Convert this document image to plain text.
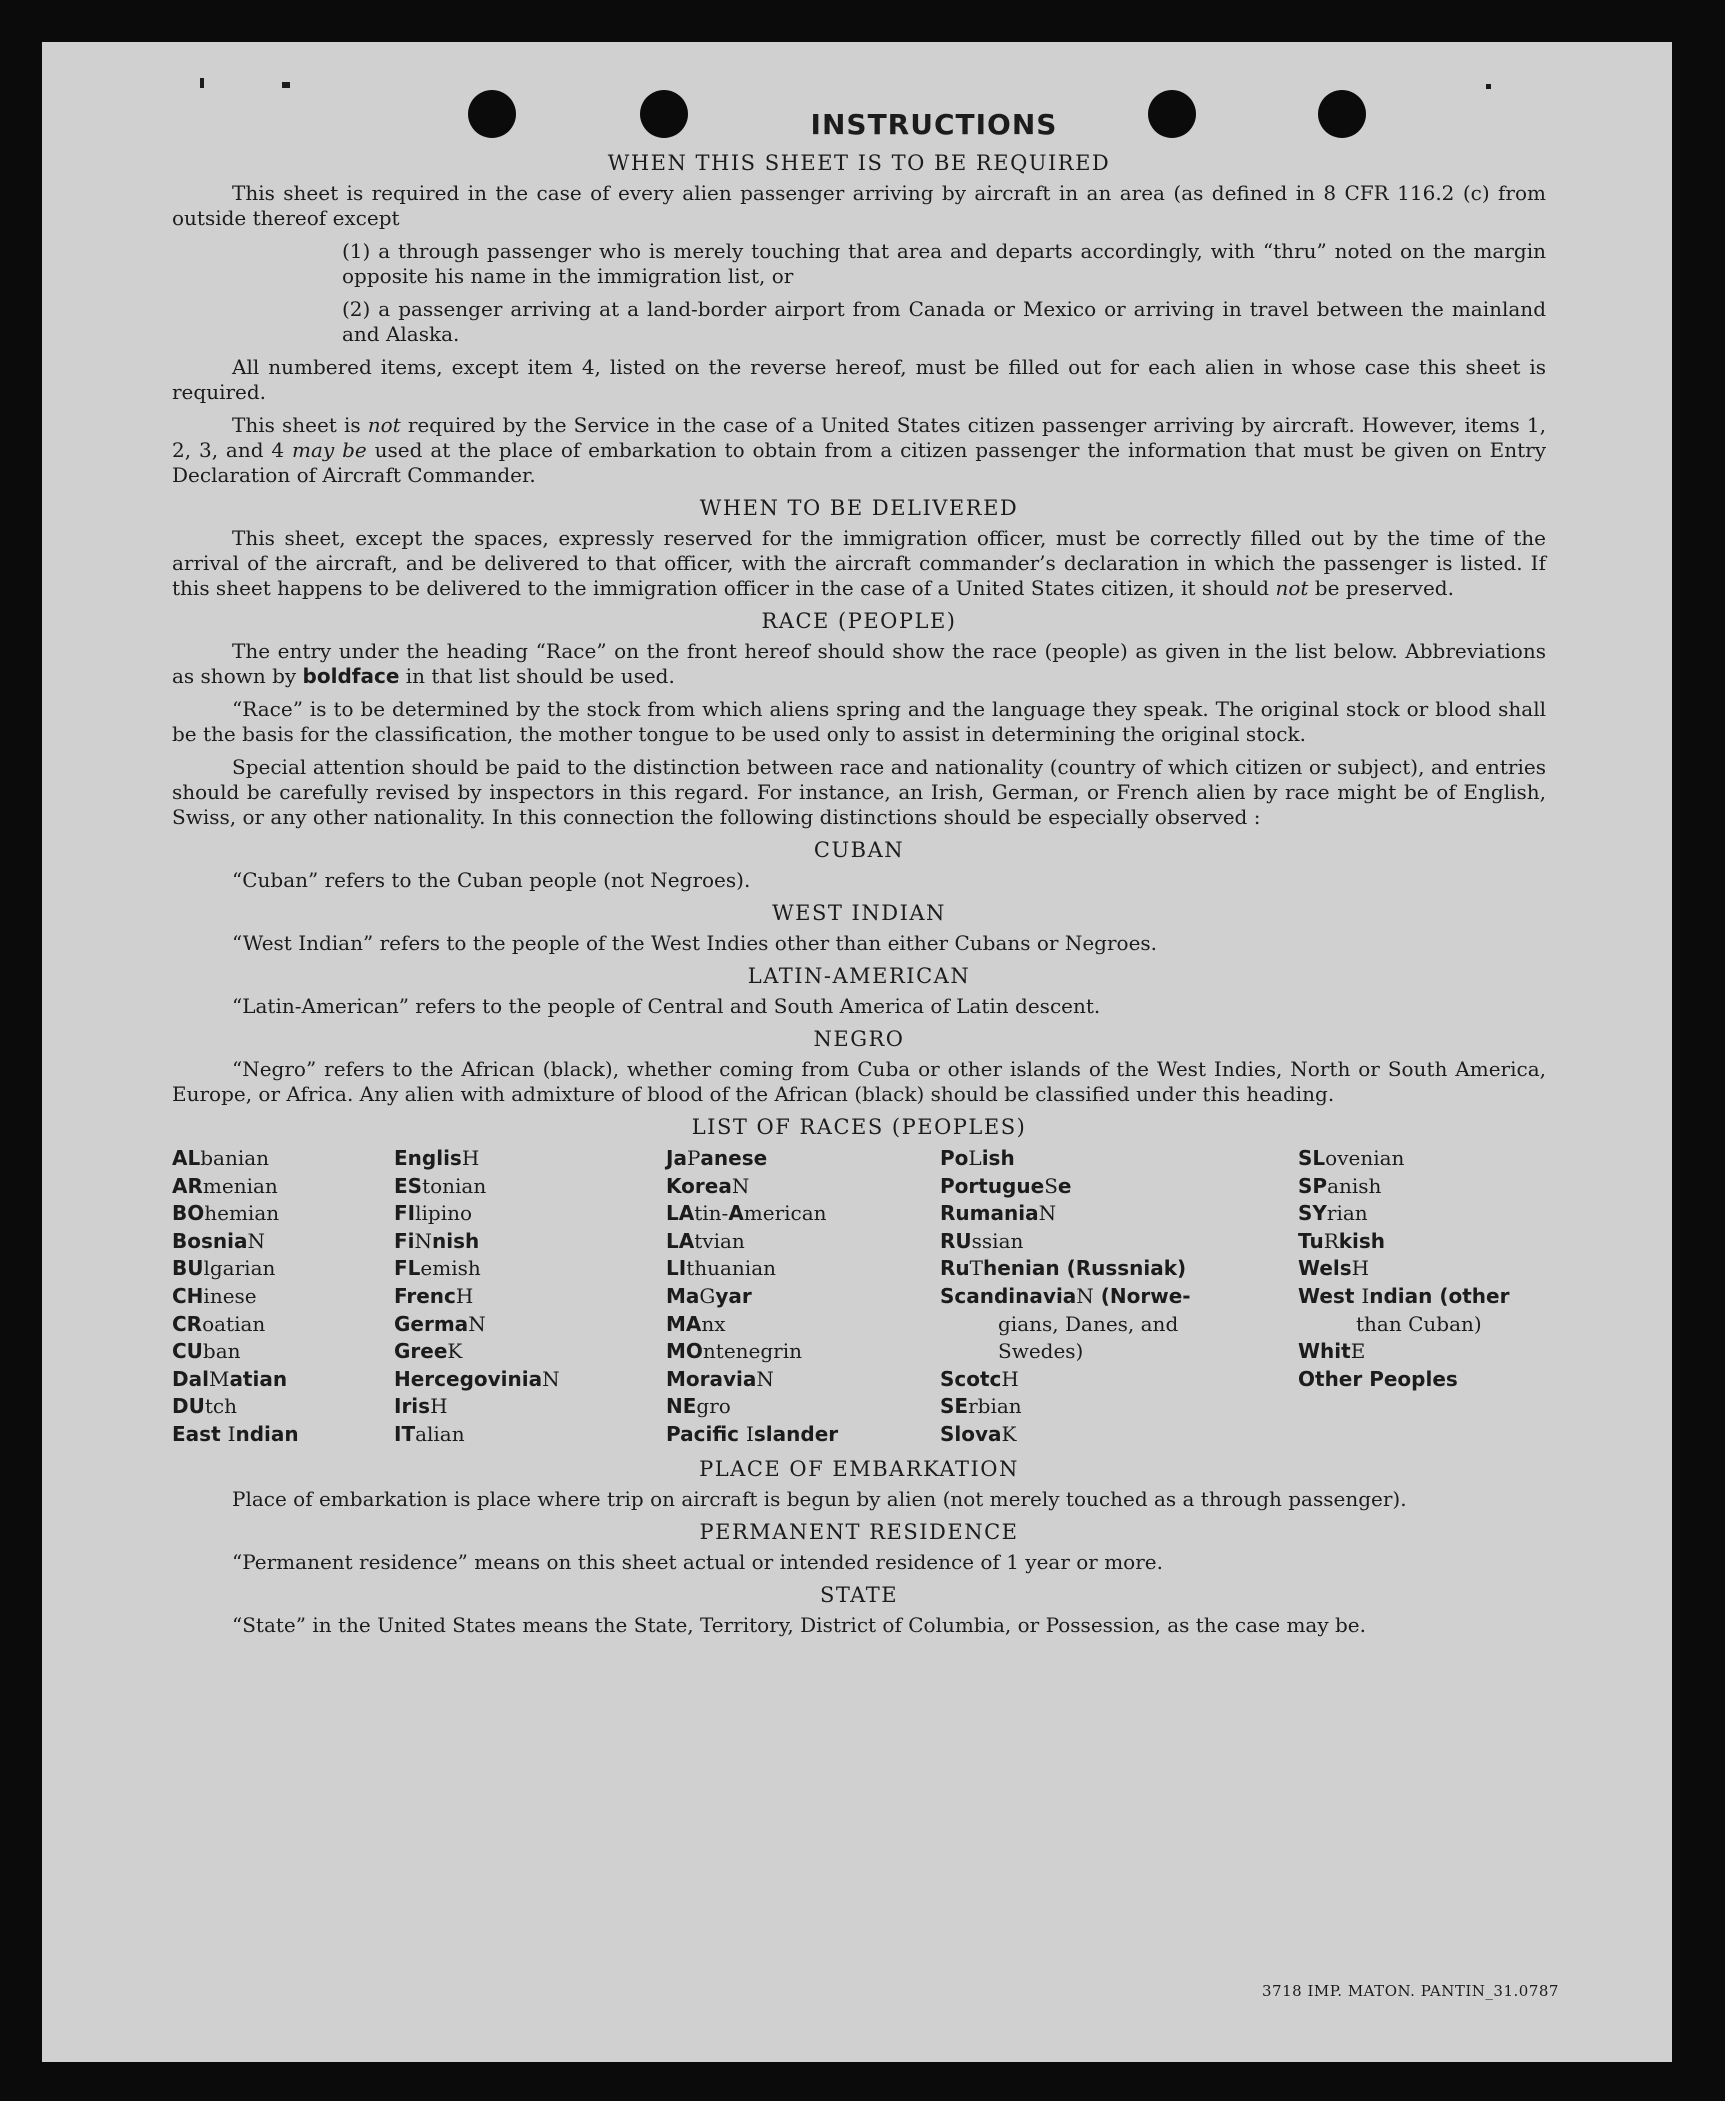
INSTRUCTIONS
WHEN THIS SHEET IS TO BE REQUIRED

This sheet is required in the case of every alien passenger arriving by aircraft in an area (as defined in 8 CFR 116.2 (c) from outside thereof except

(1) a through passenger who is merely touching that area and departs accordingly, with “thru” noted on the margin opposite his name in the immigration list, or
(2) a passenger arriving at a land-border airport from Canada or Mexico or arriving in travel between the mainland and Alaska.

All numbered items, except item 4, listed on the reverse hereof, must be filled out for each alien in whose case this sheet is required.

This sheet is not required by the Service in the case of a United States citizen passenger arriving by aircraft. However, items 1, 2, 3, and 4 may be used at the place of embarkation to obtain from a citizen passenger the information that must be given on Entry Declaration of Aircraft Commander.

WHEN TO BE DELIVERED

This sheet, except the spaces, expressly reserved for the immigration officer, must be correctly filled out by the time of the arrival of the aircraft, and be delivered to that officer, with the aircraft commander’s declaration in which the passenger is listed. If this sheet happens to be delivered to the immigration officer in the case of a United States citizen, it should not be preserved.

RACE (PEOPLE)

The entry under the heading “Race” on the front hereof should show the race (people) as given in the list below. Abbreviations as shown by boldface in that list should be used.

“Race” is to be determined by the stock from which aliens spring and the language they speak. The original stock or blood shall be the basis for the classification, the mother tongue to be used only to assist in determining the original stock.

Special attention should be paid to the distinction between race and nationality (country of which citizen or subject), and entries should be carefully revised by inspectors in this regard. For instance, an Irish, German, or French alien by race might be of English, Swiss, or any other nationality. In this connection the following distinctions should be especially observed :

CUBAN

“Cuban” refers to the Cuban people (not Negroes).

WEST INDIAN

“West Indian” refers to the people of the West Indies other than either Cubans or Negroes.

LATIN-AMERICAN

“Latin-American” refers to the people of Central and South America of Latin descent.

NEGRO

“Negro” refers to the African (black), whether coming from Cuba or other islands of the West Indies, North or South America, Europe, or Africa. Any alien with admixture of blood of the African (black) should be classified under this heading.

LIST OF RACES (PEOPLES)
ALbanian
ARmenian
BOhemian
BosniaN
BUlgarian
CHinese
CRoatian
CUban
DalMatian
DUtch
East Indian
EnglisH
EStonian
FIlipino
FiNnish
FLemish
FrencH
GermaN
GreeK
HercegoviniaN
IrisH
ITalian
JaPanese
KoreaN
LAtin-American
LAtvian
LIthuanian
MaGyar
MAnx
MOntenegrin
MoraviaN
NEgro
Pacific Islander
PoLish
PortugueSe
RumaniaN
RUssian
RuThenian (Russniak)
ScandinaviaN (Norwe-
gians, Danes, and
Swedes)
ScotcH
SErbian
SlovaK
SLovenian
SPanish
SYrian
TuRkish
WelsH
West Indian (other
than Cuban)
WhitE
Other Peoples
PLACE OF EMBARKATION

Place of embarkation is place where trip on aircraft is begun by alien (not merely touched as a through passenger).

PERMANENT RESIDENCE

“Permanent residence” means on this sheet actual or intended residence of 1 year or more.

STATE

“State” in the United States means the State, Territory, District of Columbia, or Possession, as the case may be.

3718 IMP. MATON. PANTIN_31.0787
